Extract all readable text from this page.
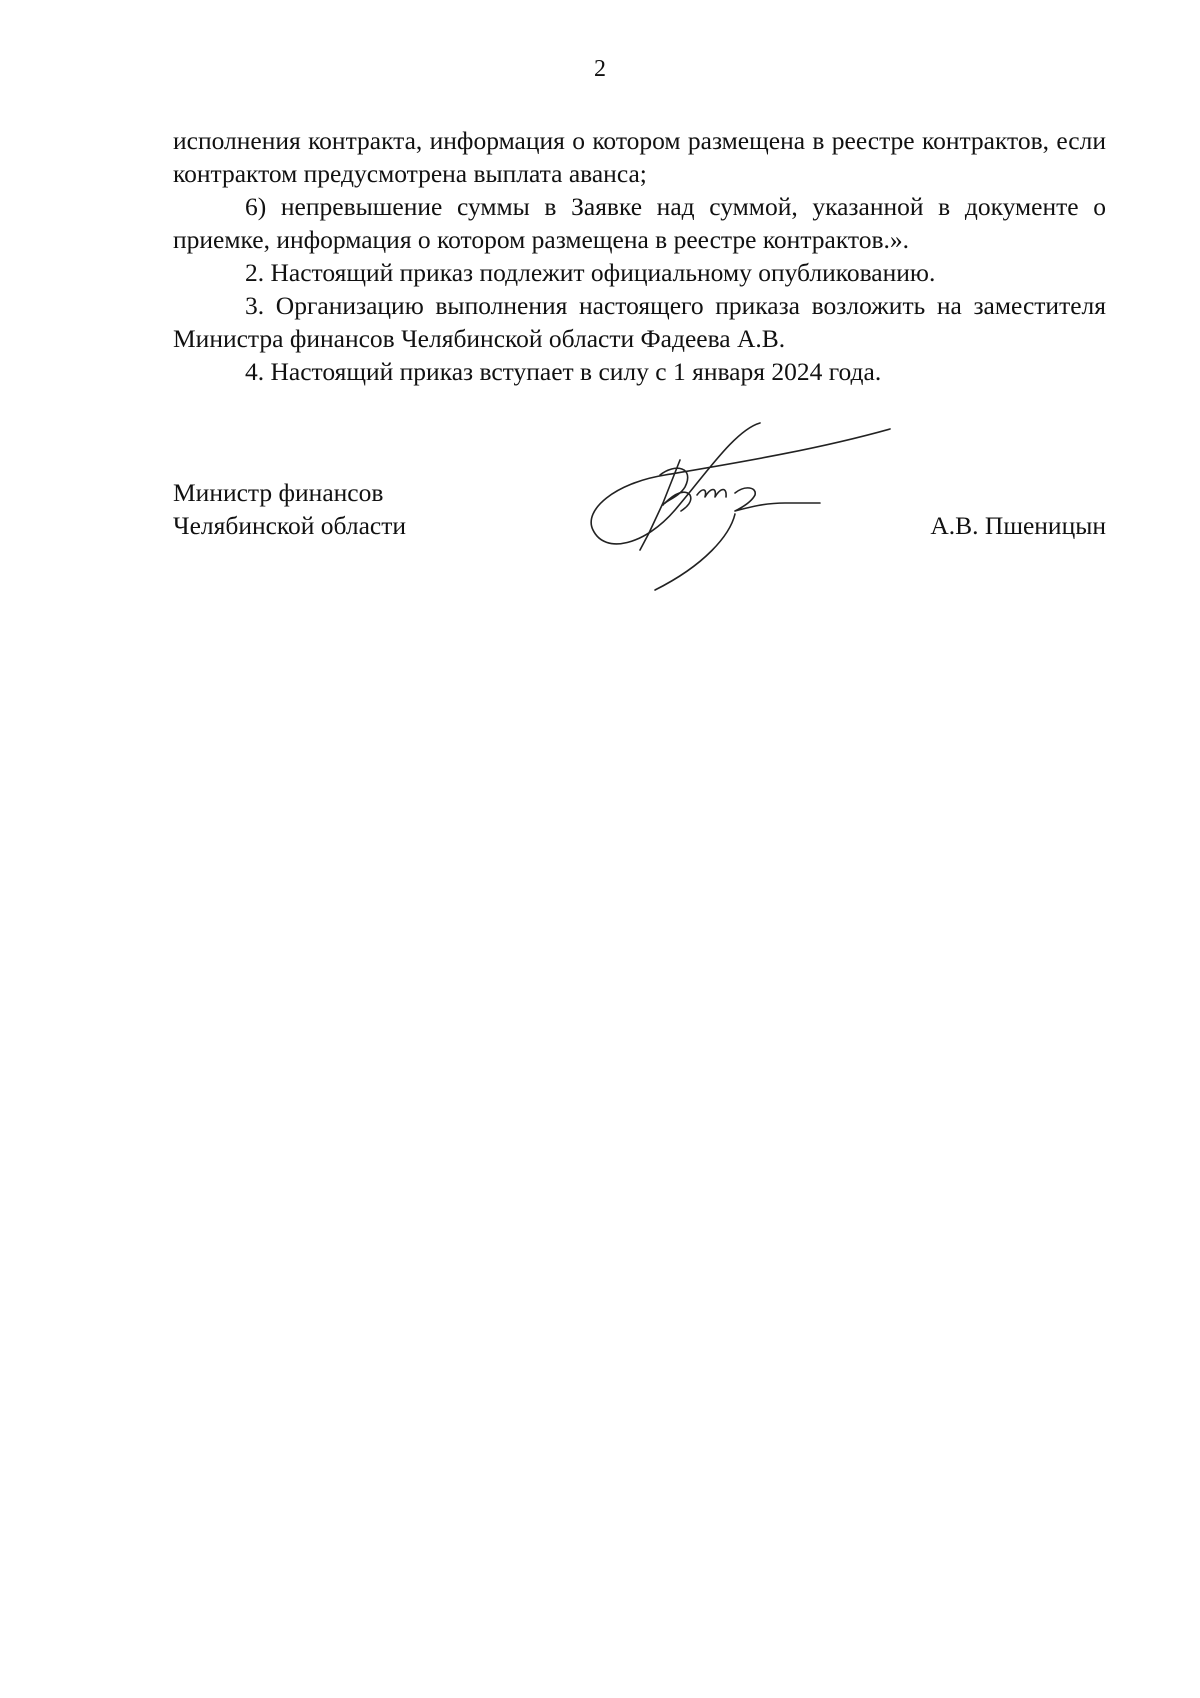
2

исполнения контракта, информация о котором размещена в реестре контрактов, если контрактом предусмотрена выплата аванса;

6) непревышение суммы в Заявке над суммой, указанной в документе о приемке, информация о котором размещена в реестре контрактов.».

2. Настоящий приказ подлежит официальному опубликованию.

3. Организацию выполнения настоящего приказа возложить на заместителя Министра финансов Челябинской области Фадеева А.В.

4. Настоящий приказ вступает в силу с 1 января 2024 года.

Министр финансов
Челябинской области	А.В. Пшеницын
